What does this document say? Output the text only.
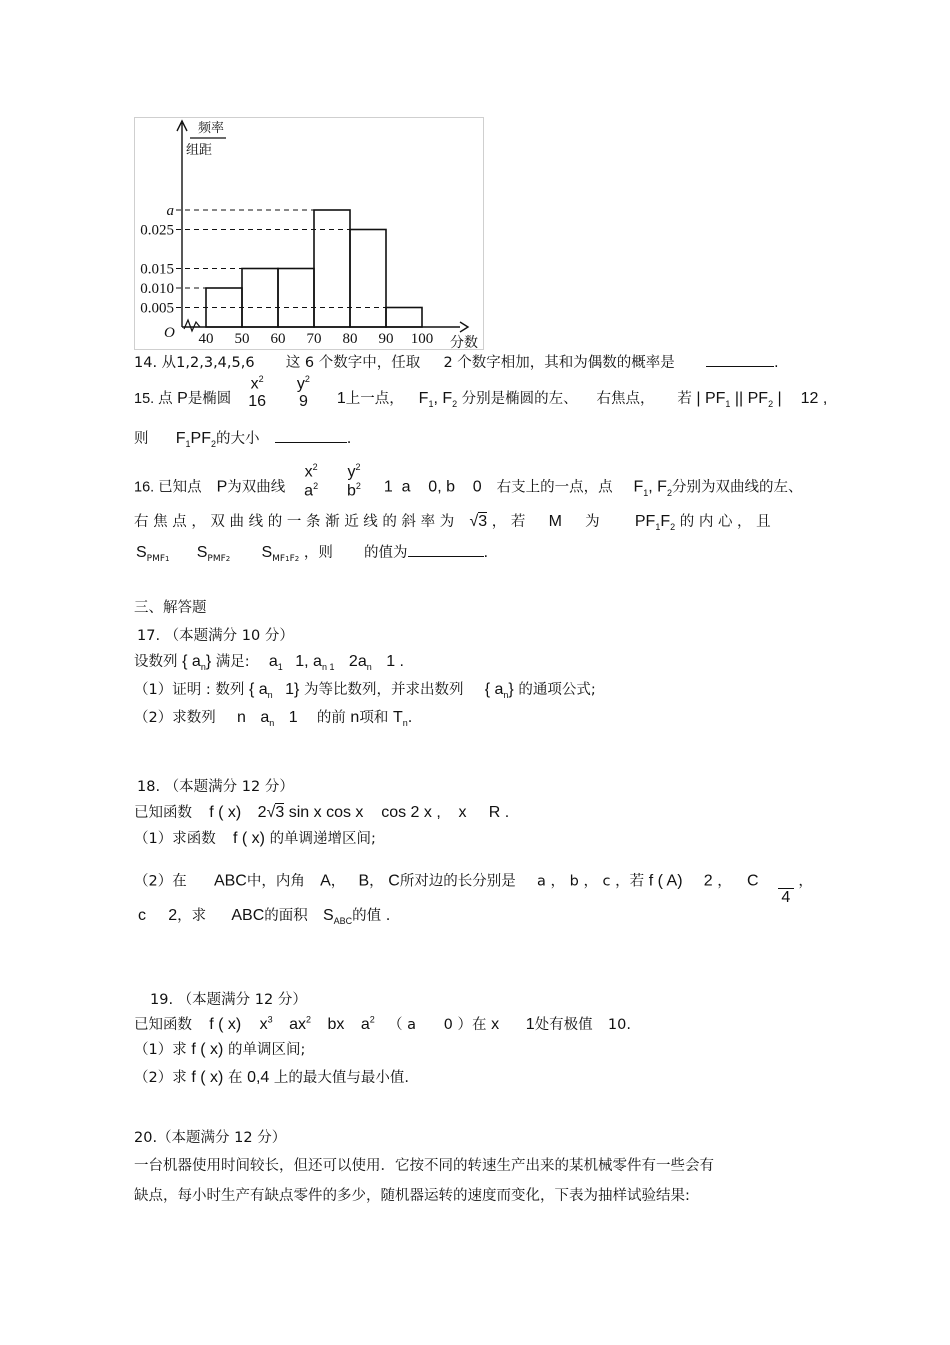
a
0.025
0.015
0.010
0.005
40 50 60 70 80 90 100
O
分数
频率
组距
14. 从1,2,3,4,5,6 这 6 个数字中，任取 2 个数字相加，其和为偶数的概率是	.
15. 点 P是椭圆
$x^2$
16

$y^2$
9 1上一点， $F_1$, $F_2$ 分别是椭圆的左、 右焦点， 若 | $PF_1$ || $PF_2$ | 12 ,
则 $F_1PF_2$的大小	.
16. 已知点 P为双曲线
$x^2$
$a^2$

$y^2$
$b^2$ 1  a    0, b    0 右支上的一点，点 $F_1$, $F_2$分别为双曲线的左、
右 焦 点 ， 双 曲 线 的 一 条 渐 近 线 的 斜 率 为 √3 ， 若 M 为 $PF_1F_2$ 的 内 心 ， 且
$S_{PMF1}$ $S_{PMF2}$ $S_{MF1F2}$ ，则 的值为	.
三、解答题
17. （本题满分 10 分）
设数列 { $a_n$} 满足: $a_1$ 1, $a_{n 1}$ $2a_n$ 1 .
（1）证明 : 数列 { $a_n$ 1} 为等比数列，并求出数列 { $a_n$} 的通项公式;
（2）求数列 n $a_n$ 1 的前 n项和 $T_n$.
18. （本题满分 12 分）
已知函数 f ( x) 2√3 sin x cos x    cos 2 x ,    x     R .
（1）求函数 f ( x) 的单调递增区间;
（2）在 ABC中，内角 A，  B， C所对边的长分别是 a ， b ， c ，若 f ( A) 2 ，  C

4
，
c     2，求 ABC的面积 $S_{ABC}$的值 .
19. （本题满分 12 分）
已知函数 f ( x) $x^3$ $ax^2$ bx $a^2$ （ a      0 ）在 x      1处有极值 10.
（1）求 f ( x) 的单调区间;
（2）求 f ( x) 在 0,4 上的最大值与最小值.
20.（本题满分 12 分）
一台机器使用时间较长，但还可以使用．它按不同的转速生产出来的某机械零件有一些会有
缺点，每小时生产有缺点零件的多少，随机器运转的速度而变化，下表为抽样试验结果:
